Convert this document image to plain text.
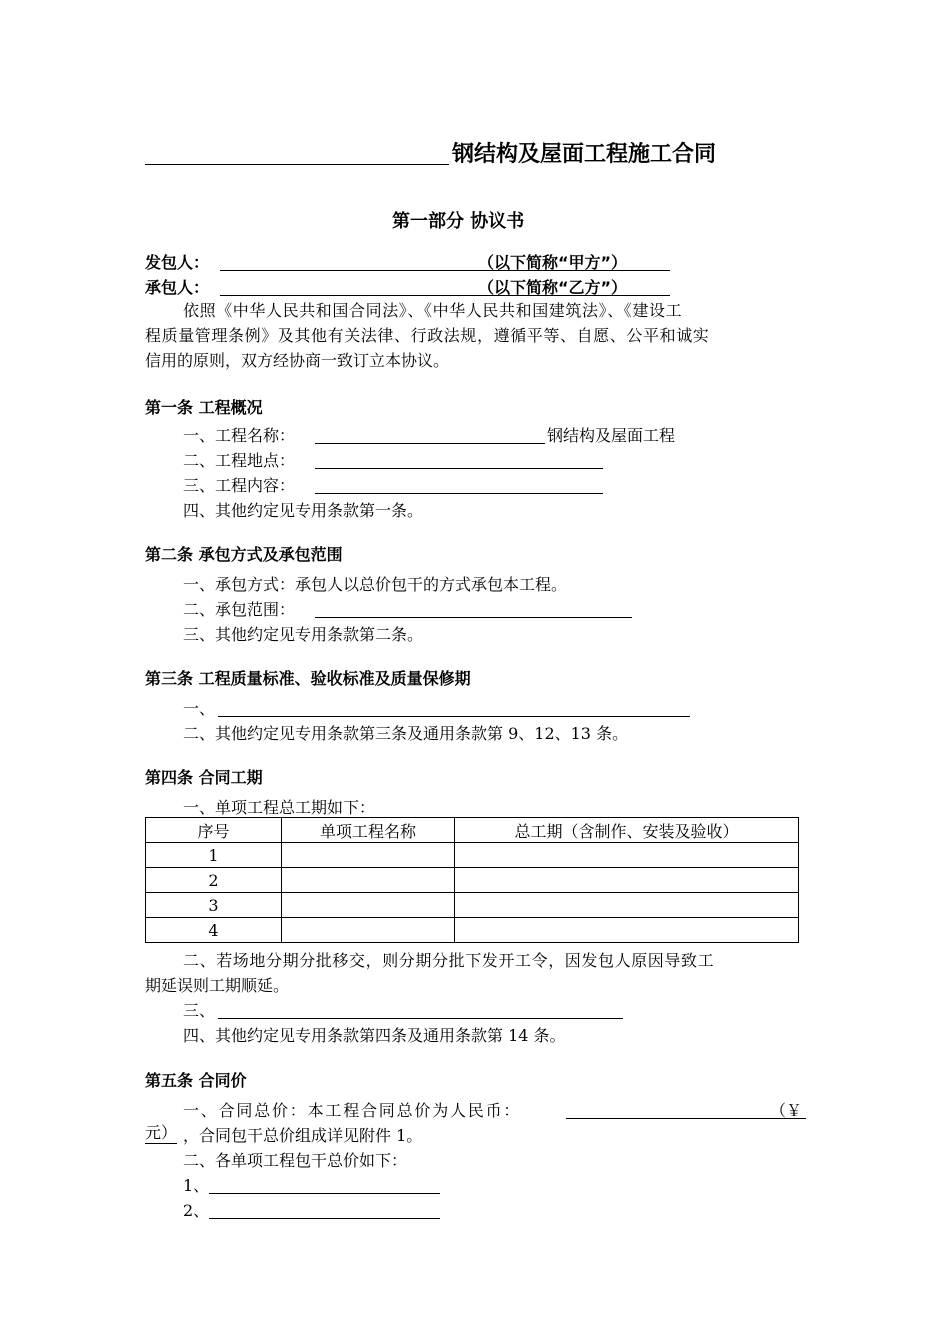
钢结构及屋面工程施工合同
第一部分 协议书
发包人：	（以下简称“甲方”）
承包人：	（以下简称“乙方”）
依照《中华人民共和国合同法》、《中华人民共和国建筑法》、《建设工
程质量管理条例》及其他有关法律、行政法规，遵循平等、自愿、公平和诚实
信用的原则，双方经协商一致订立本协议。
第一条 工程概况
一、工程名称：	钢结构及屋面工程
二、工程地点：
三、工程内容：
四、其他约定见专用条款第一条。
第二条 承包方式及承包范围
一、承包方式：承包人以总价包干的方式承包本工程。
二、承包范围：
三、其他约定见专用条款第二条。
第三条 工程质量标准、验收标准及质量保修期
一、
二、其他约定见专用条款第三条及通用条款第 9、12、13 条。
第四条 合同工期
一、单项工程总工期如下：
序号	单项工程名称	总工期（含制作、安装及验收）
1		
2		
3		
4		
二、若场地分期分批移交，则分期分批下发开工令，因发包人原因导致工
期延误则工期顺延。
三、
四、其他约定见专用条款第四条及通用条款第 14 条。
第五条 合同价
一、合同总价：本工程合同总价为人民币：	（￥
元） ，合同包干总价组成详见附件 1。
二、各单项工程包干总价如下：
1、
2、
